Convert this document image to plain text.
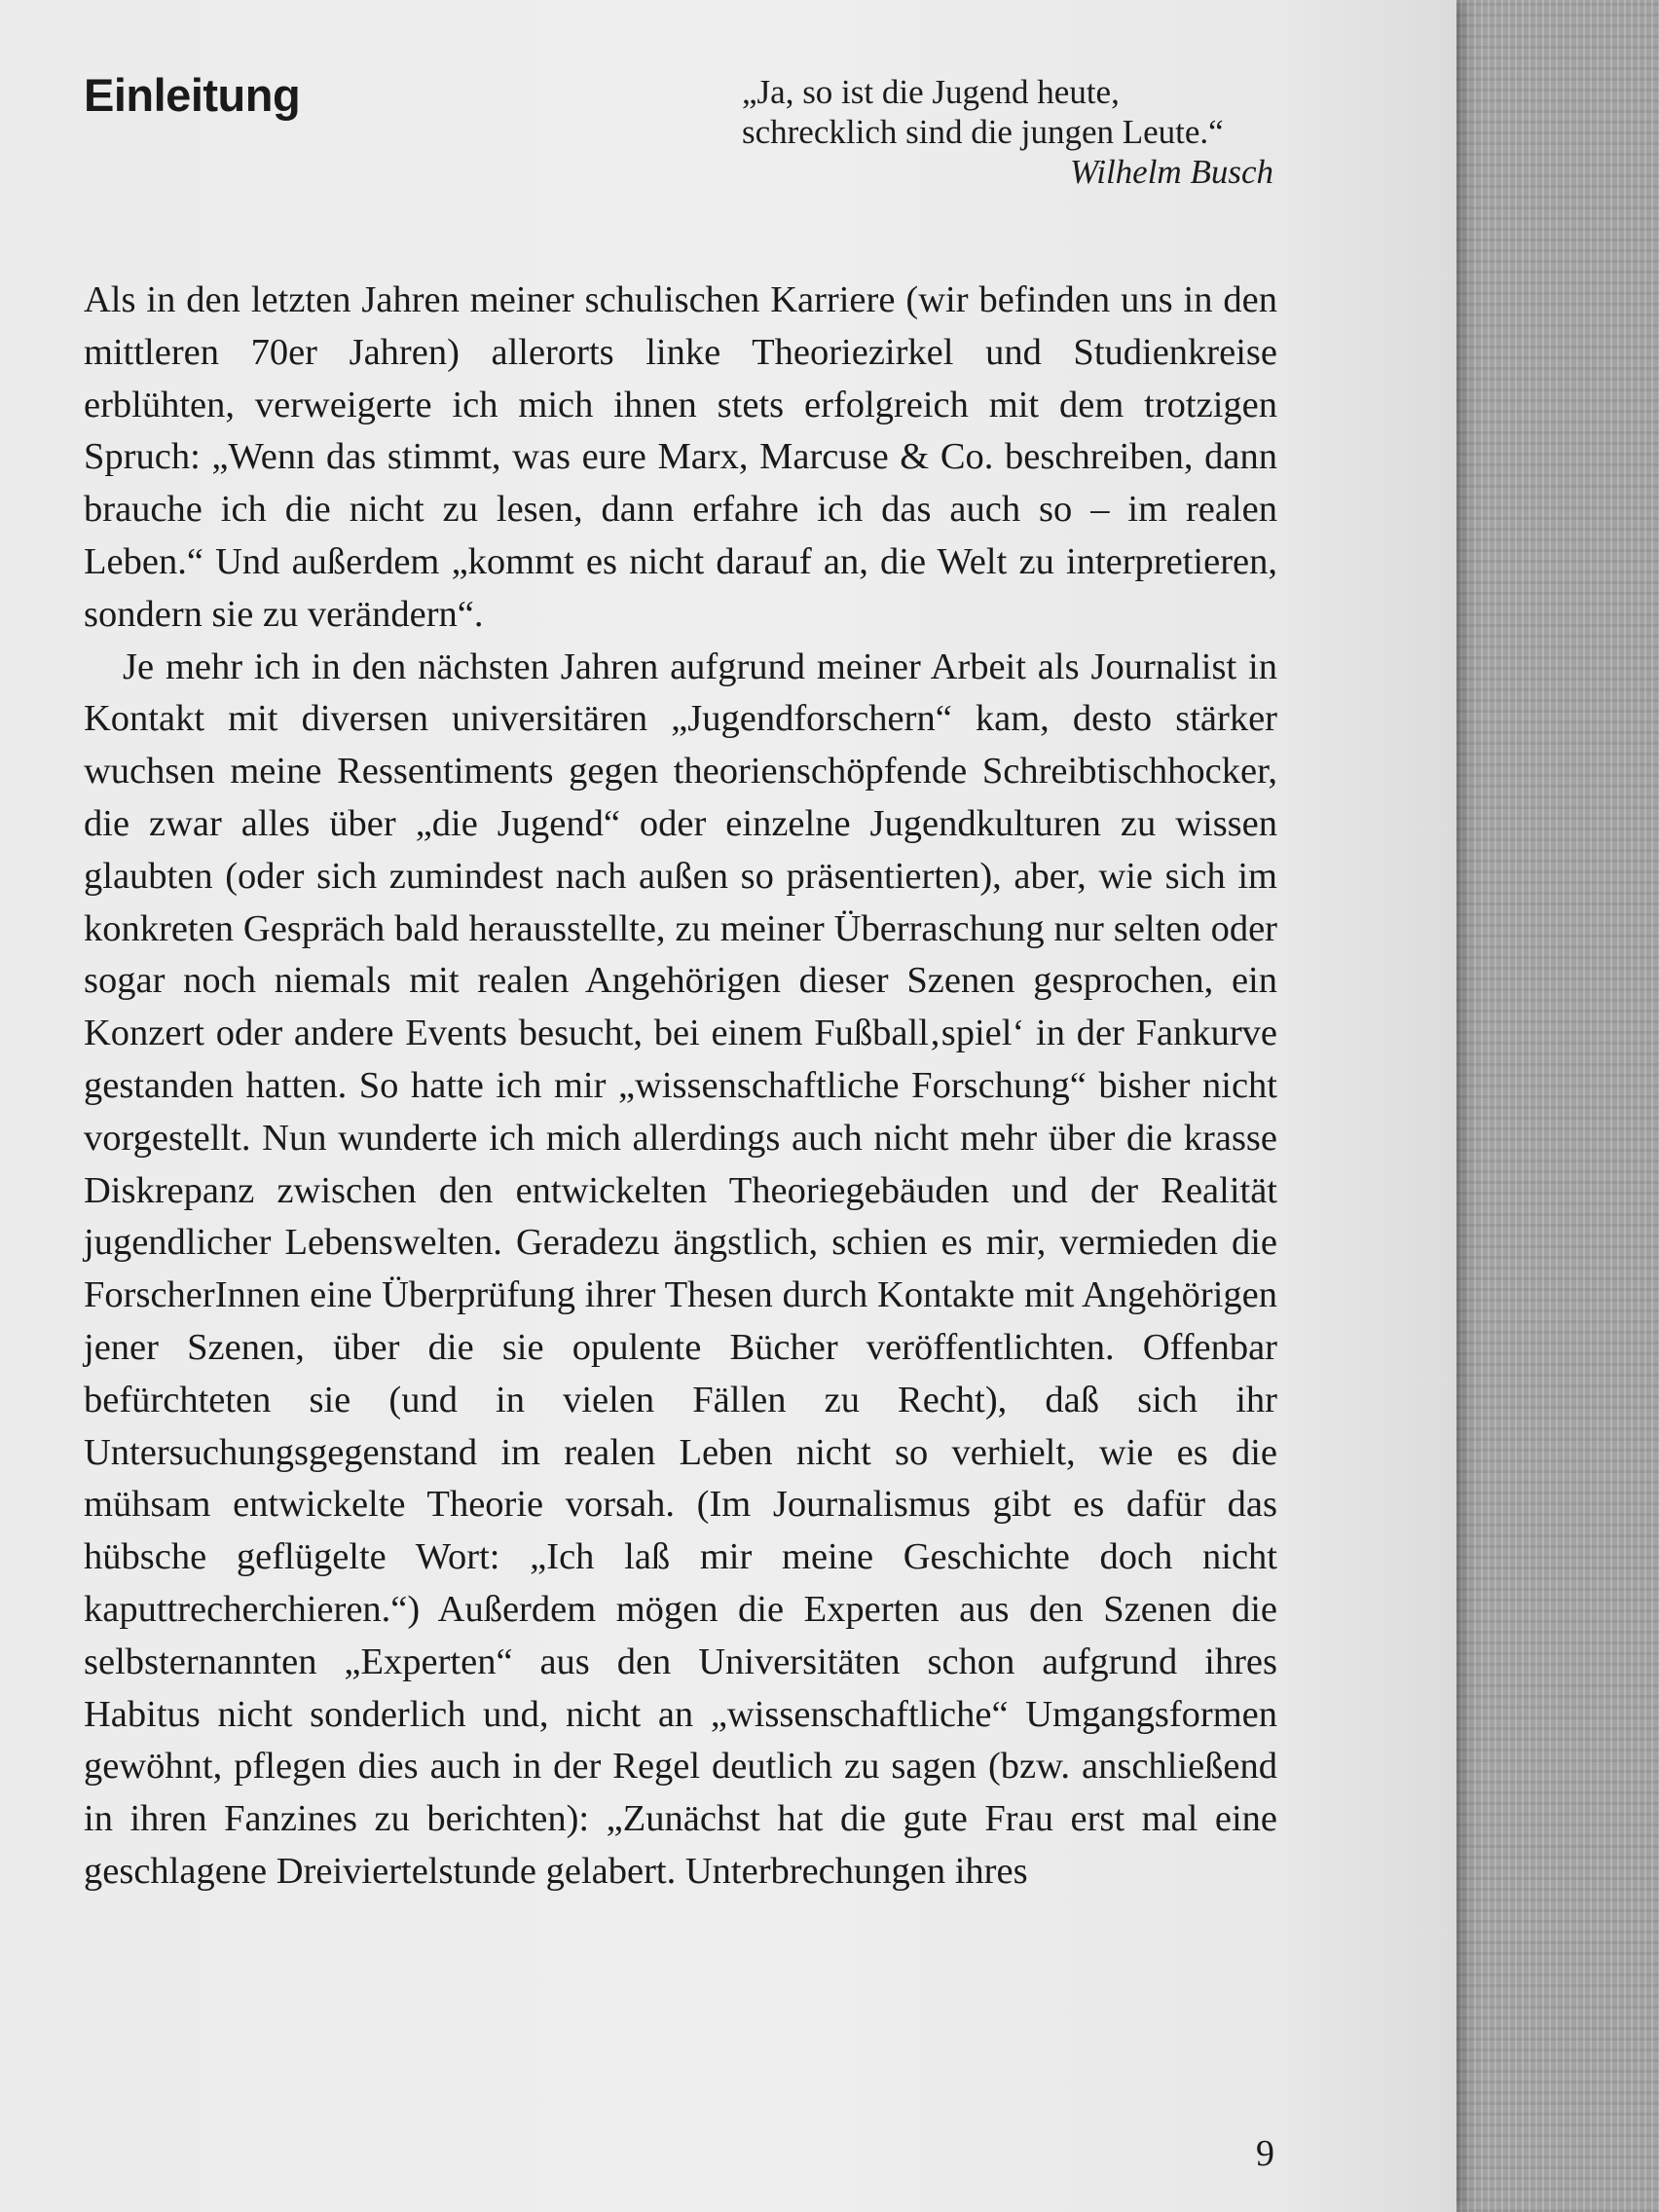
Einleitung	„Ja, so ist die Jugend heute,
schrecklich sind die jungen Leute.“
Wilhelm Busch

Als in den letzten Jahren meiner schulischen Karriere (wir befinden uns in den mittleren 70er Jahren) allerorts linke Theoriezirkel und Studienkreise erblühten, verweigerte ich mich ihnen stets erfolgreich mit dem trotzigen Spruch: „Wenn das stimmt, was eure Marx, Marcuse & Co. beschreiben, dann brauche ich die nicht zu lesen, dann erfahre ich das auch so – im realen Leben.“ Und außerdem „kommt es nicht darauf an, die Welt zu interpretieren, sondern sie zu verändern“.

Je mehr ich in den nächsten Jahren aufgrund meiner Arbeit als Journalist in Kontakt mit diversen universitären „Jugendforschern“ kam, desto stärker wuchsen meine Ressentiments gegen theorienschöpfende Schreibtischhocker, die zwar alles über „die Jugend“ oder einzelne Jugendkulturen zu wissen glaubten (oder sich zumindest nach außen so präsentierten), aber, wie sich im konkreten Gespräch bald herausstellte, zu meiner Überraschung nur selten oder sogar noch niemals mit realen Angehörigen dieser Szenen gesprochen, ein Konzert oder andere Events besucht, bei einem Fußball‚spiel‘ in der Fankurve gestanden hatten. So hatte ich mir „wissenschaftliche Forschung“ bisher nicht vorgestellt. Nun wunderte ich mich allerdings auch nicht mehr über die krasse Diskrepanz zwischen den entwickelten Theoriegebäuden und der Realität jugendlicher Lebenswelten. Geradezu ängstlich, schien es mir, vermieden die ForscherInnen eine Überprüfung ihrer Thesen durch Kontakte mit Angehörigen jener Szenen, über die sie opulente Bücher veröffentlichten. Offenbar befürchteten sie (und in vielen Fällen zu Recht), daß sich ihr Untersuchungsgegenstand im realen Leben nicht so verhielt, wie es die mühsam entwickelte Theorie vorsah. (Im Journalismus gibt es dafür das hübsche geflügelte Wort: „Ich laß mir meine Geschichte doch nicht kaputtrecherchieren.“) Außerdem mögen die Experten aus den Szenen die selbsternannten „Experten“ aus den Universitäten schon aufgrund ihres Habitus nicht sonderlich und, nicht an „wissenschaftliche“ Umgangsformen gewöhnt, pflegen dies auch in der Regel deutlich zu sagen (bzw. anschließend in ihren Fanzines zu berichten): „Zunächst hat die gute Frau erst mal eine geschlagene Dreiviertelstunde gelabert. Unterbrechungen ihres

9
